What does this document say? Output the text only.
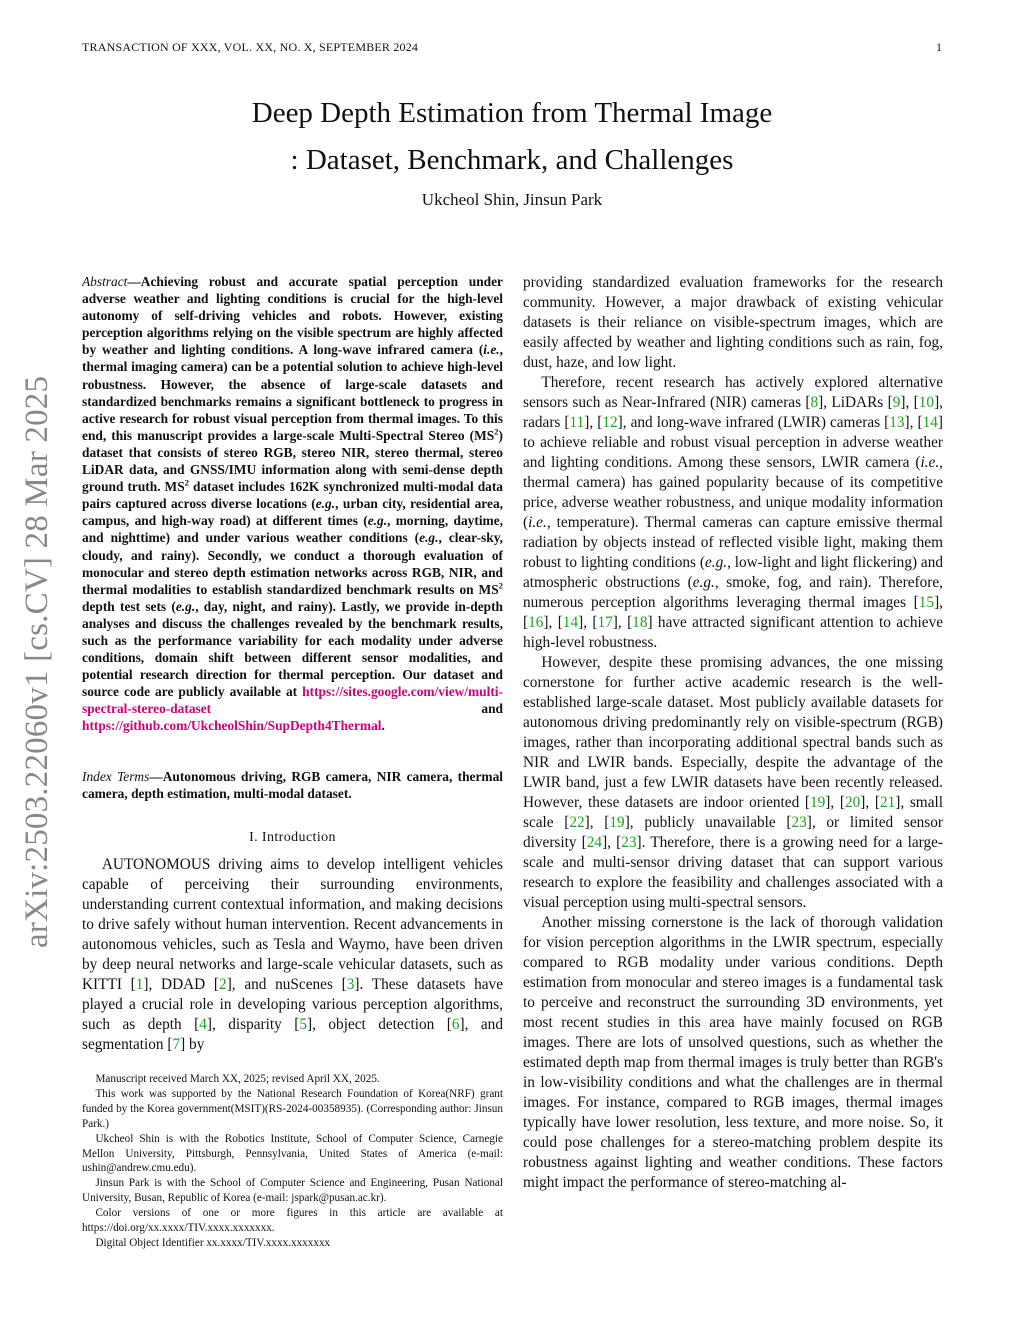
TRANSACTION OF XXX, VOL. XX, NO. X, SEPTEMBER 2024	1
Deep Depth Estimation from Thermal Image
: Dataset, Benchmark, and Challenges
Ukcheol Shin, Jinsun Park
arXiv:2503.22060v1 [cs.CV] 28 Mar 2025
Abstract—Achieving robust and accurate spatial perception under adverse weather and lighting conditions is crucial for the high-level autonomy of self-driving vehicles and robots. However, existing perception algorithms relying on the visible spectrum are highly affected by weather and lighting conditions. A long-wave infrared camera (i.e., thermal imaging camera) can be a potential solution to achieve high-level robustness. However, the absence of large-scale datasets and standardized benchmarks remains a significant bottleneck to progress in active research for robust visual perception from thermal images. To this end, this manuscript provides a large-scale Multi-Spectral Stereo $(MS^2)$ dataset that consists of stereo RGB, stereo NIR, stereo thermal, stereo LiDAR data, and GNSS/IMU information along with semi-dense depth ground truth. $MS^2$ dataset includes 162K synchronized multi-modal data pairs captured across diverse locations (e.g., urban city, residential area, campus, and high-way road) at different times (e.g., morning, daytime, and nighttime) and under various weather conditions (e.g., clear-sky, cloudy, and rainy). Secondly, we conduct a thorough evaluation of monocular and stereo depth estimation networks across RGB, NIR, and thermal modalities to establish standardized benchmark results on $MS^2$ depth test sets (e.g., day, night, and rainy). Lastly, we provide in-depth analyses and discuss the challenges revealed by the benchmark results, such as the performance variability for each modality under adverse conditions, domain shift between different sensor modalities, and potential research direction for thermal perception. Our dataset and source code are publicly available at https://sites.google.com/view/multi-spectral-stereo-dataset and https://github.com/UkcheolShin/SupDepth4Thermal.
Index Terms—Autonomous driving, RGB camera, NIR camera, thermal camera, depth estimation, multi-modal dataset.
I. Introduction
AUTONOMOUS driving aims to develop intelligent vehicles capable of perceiving their surrounding environments, understanding current contextual information, and making decisions to drive safely without human intervention. Recent advancements in autonomous vehicles, such as Tesla and Waymo, have been driven by deep neural networks and large-scale vehicular datasets, such as KITTI [1], DDAD [2], and nuScenes [3]. These datasets have played a crucial role in developing various perception algorithms, such as depth [4], disparity [5], object detection [6], and segmentation [7] by

providing standardized evaluation frameworks for the research community. However, a major drawback of existing vehicular datasets is their reliance on visible-spectrum images, which are easily affected by weather and lighting conditions such as rain, fog, dust, haze, and low light.

Therefore, recent research has actively explored alternative sensors such as Near-Infrared (NIR) cameras [8], LiDARs [9], [10], radars [11], [12], and long-wave infrared (LWIR) cameras [13], [14] to achieve reliable and robust visual perception in adverse weather and lighting conditions. Among these sensors, LWIR camera (i.e., thermal camera) has gained popularity because of its competitive price, adverse weather robustness, and unique modality information (i.e., temperature). Thermal cameras can capture emissive thermal radiation by objects instead of reflected visible light, making them robust to lighting conditions (e.g., low-light and light flickering) and atmospheric obstructions (e.g., smoke, fog, and rain). Therefore, numerous perception algorithms leveraging thermal images [15], [16], [14], [17], [18] have attracted significant attention to achieve high-level robustness.

However, despite these promising advances, the one missing cornerstone for further active academic research is the well-established large-scale dataset. Most publicly available datasets for autonomous driving predominantly rely on visible-spectrum (RGB) images, rather than incorporating additional spectral bands such as NIR and LWIR bands. Especially, despite the advantage of the LWIR band, just a few LWIR datasets have been recently released. However, these datasets are indoor oriented [19], [20], [21], small scale [22], [19], publicly unavailable [23], or limited sensor diversity [24], [23]. Therefore, there is a growing need for a large-scale and multi-sensor driving dataset that can support various research to explore the feasibility and challenges associated with a visual perception using multi-spectral sensors.

Another missing cornerstone is the lack of thorough validation for vision perception algorithms in the LWIR spectrum, especially compared to RGB modality under various conditions. Depth estimation from monocular and stereo images is a fundamental task to perceive and reconstruct the surrounding 3D environments, yet most recent studies in this area have mainly focused on RGB images. There are lots of unsolved questions, such as whether the estimated depth map from thermal images is truly better than RGB's in low-visibility conditions and what the challenges are in thermal images. For instance, compared to RGB images, thermal images typically have lower resolution, less texture, and more noise. So, it could pose challenges for a stereo-matching problem despite its robustness against lighting and weather conditions. These factors might impact the performance of stereo-matching al-

Manuscript received March XX, 2025; revised April XX, 2025.
This work was supported by the National Research Foundation of Korea(NRF) grant funded by the Korea government(MSIT)(RS-2024-00358935). (Corresponding author: Jinsun Park.)
Ukcheol Shin is with the Robotics Institute, School of Computer Science, Carnegie Mellon University, Pittsburgh, Pennsylvania, United States of America (e-mail: ushin@andrew.cmu.edu).
Jinsun Park is with the School of Computer Science and Engineering, Pusan National University, Busan, Republic of Korea (e-mail: jspark@pusan.ac.kr).
Color versions of one or more figures in this article are available at https://doi.org/xx.xxxx/TIV.xxxx.xxxxxxx.
Digital Object Identifier xx.xxxx/TIV.xxxx.xxxxxxx
